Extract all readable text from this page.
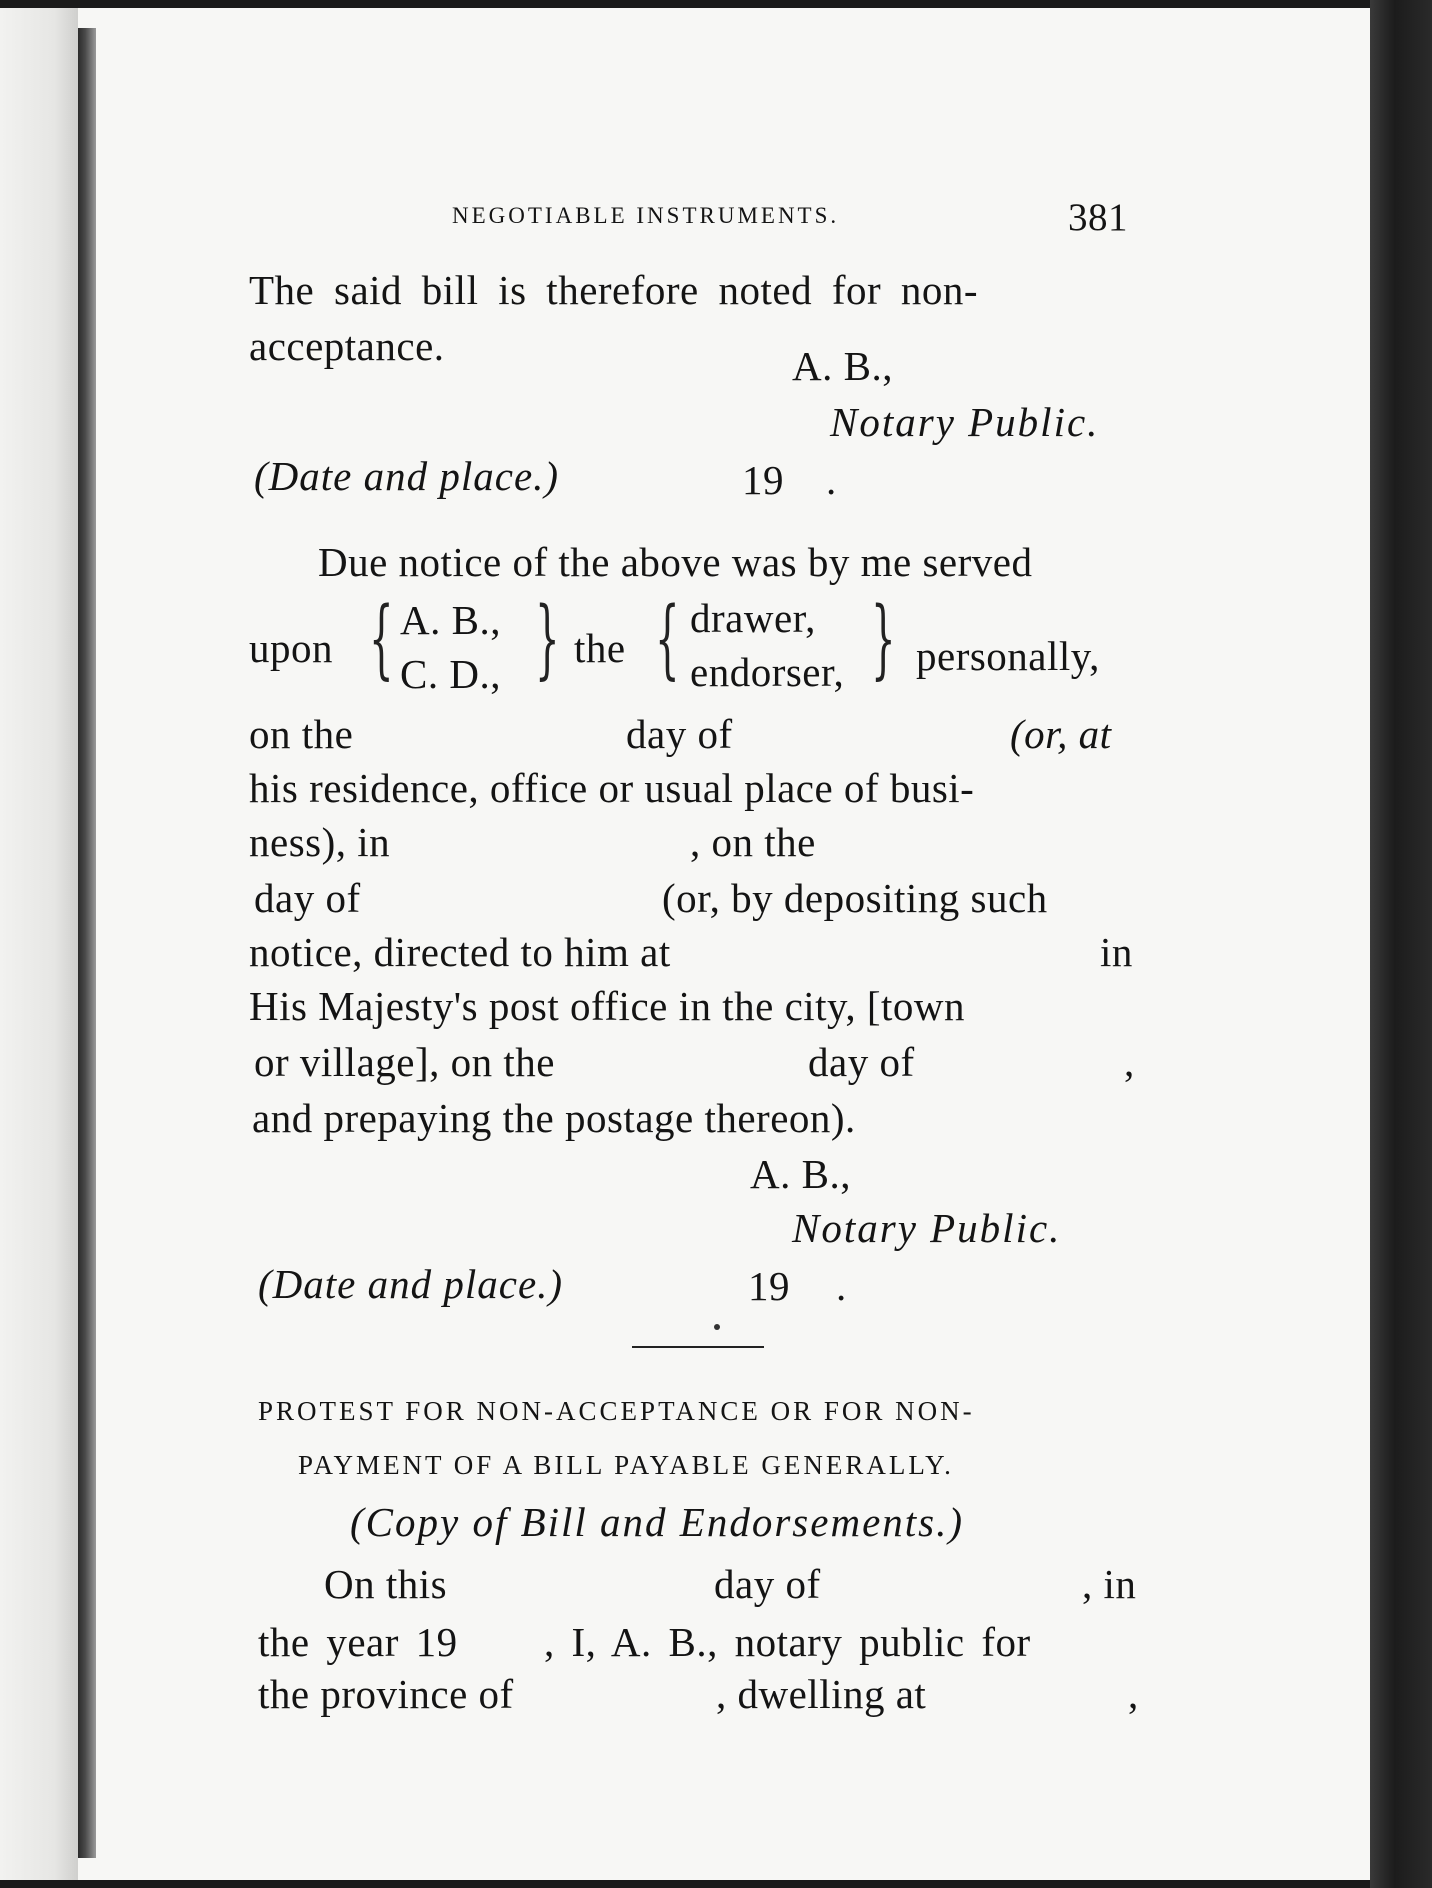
NEGOTIABLE INSTRUMENTS.	381
The said bill is therefore noted for non-
acceptance.	A. B.,
Notary Public.
(Date and place.)	19 .
Due notice of the above was by me served
upon { A. B.,
C. D., } the { drawer,
endorser, } personally,
on the	day of	(or, at
his residence, office or usual place of busi-
ness), in	, on the
day of	(or, by depositing such
notice, directed to him at	in
His Majesty's post office in the city, [town
or village], on the	day of	,
and prepaying the postage thereon).
A. B.,
Notary Public.
(Date and place.)	19 .
PROTEST FOR NON-ACCEPTANCE OR FOR NON-
PAYMENT OF A BILL PAYABLE GENERALLY.
(Copy of Bill and Endorsements.)
On this	day of	, in
the year 19 , I, A. B., notary public for
the province of	, dwelling at	,
